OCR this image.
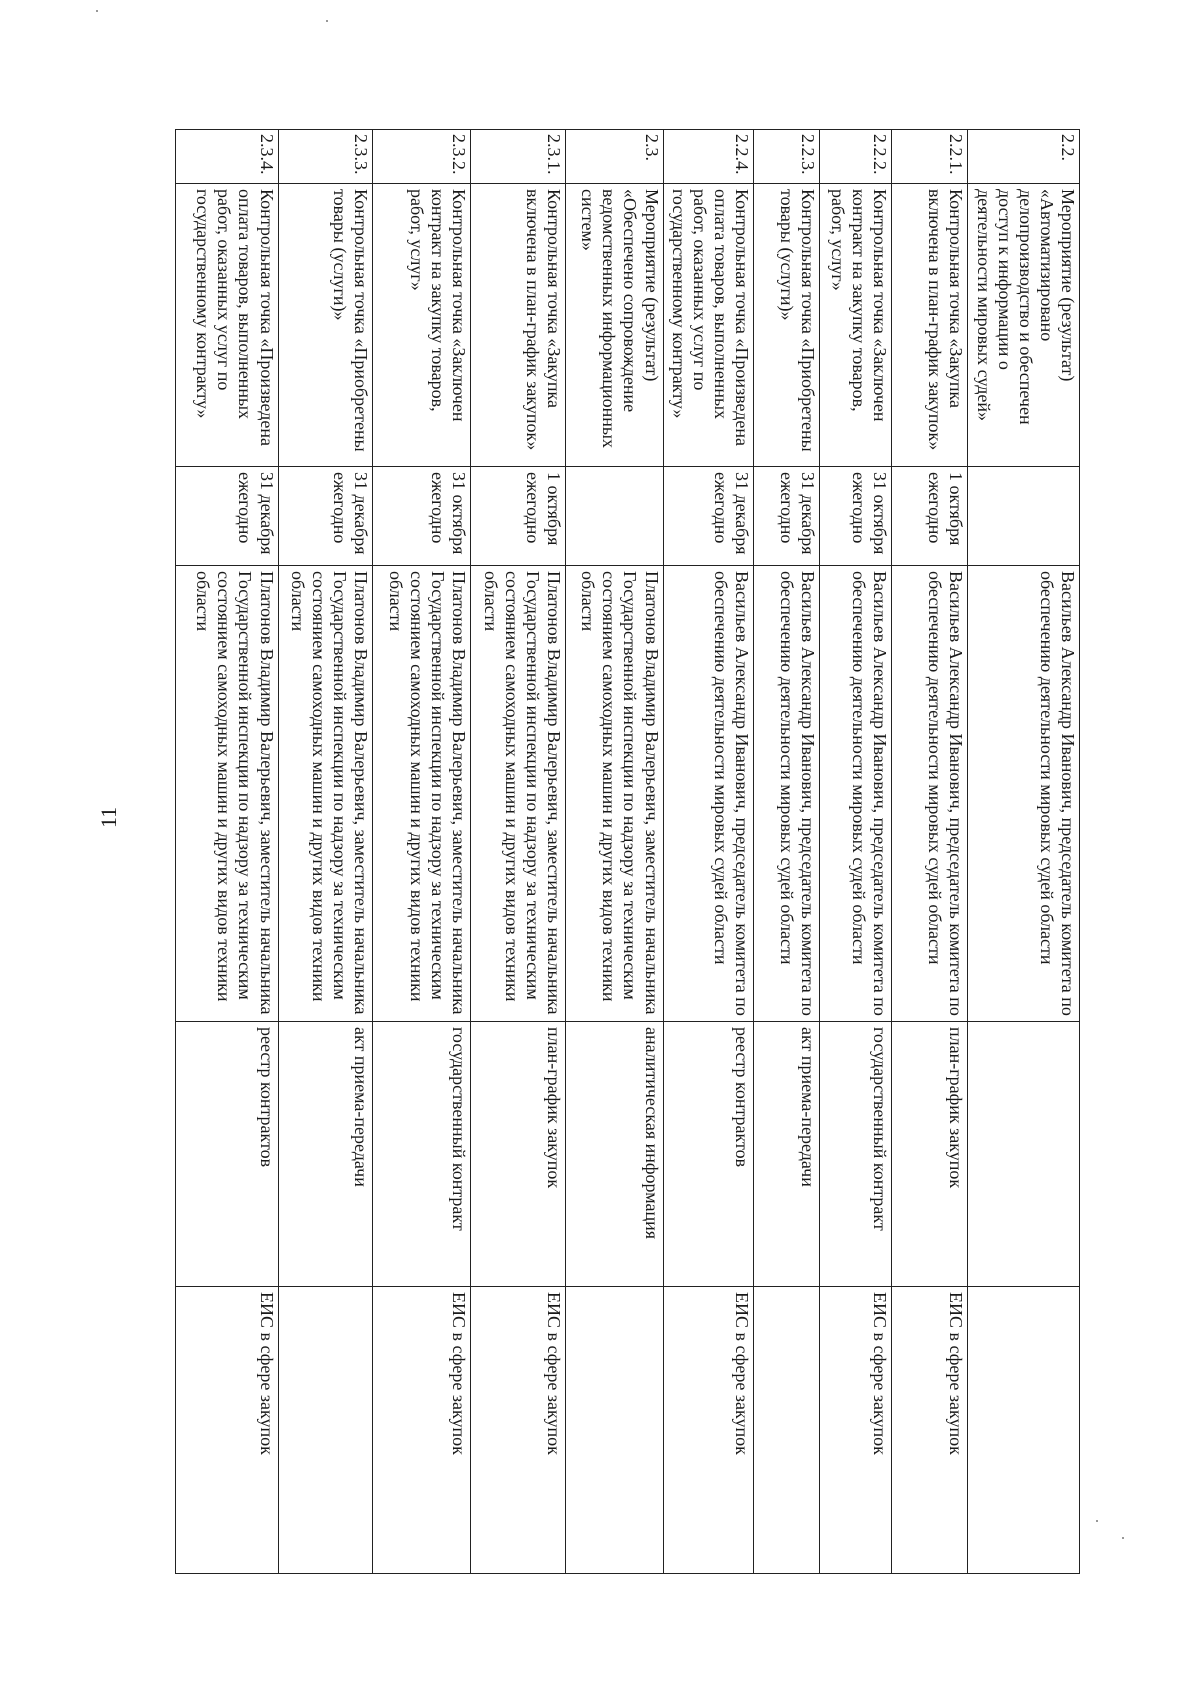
11
2.2.	Мероприятие (результат) «Автоматизировано делопроизводство и обеспечен доступ к информации о деятельности мировых судей»		Васильев Александр Иванович, председатель комитета по обеспечению деятельности мировых судей области		
2.2.1.	Контрольная точка «Закупка включена в план-график закупок»	1 октября ежегодно	Васильев Александр Иванович, председатель комитета по обеспечению деятельности мировых судей области	план-график закупок	ЕИС в сфере закупок
2.2.2.	Контрольная точка «Заключен контракт на закупку товаров, работ, услуг»	31 октября ежегодно	Васильев Александр Иванович, председатель комитета по обеспечению деятельности мировых судей области	государственный контракт	ЕИС в сфере закупок
2.2.3.	Контрольная точка «Приобретены товары (услуги)»	31 декабря ежегодно	Васильев Александр Иванович, председатель комитета по обеспечению деятельности мировых судей области	акт приема-передачи	
2.2.4.	Контрольная точка «Произведена оплата товаров, выполненных работ, оказанных услуг по государственному контракту»	31 декабря ежегодно	Васильев Александр Иванович, председатель комитета по обеспечению деятельности мировых судей области	реестр контрактов	ЕИС в сфере закупок
2.3.	Мероприятие (результат) «Обеспечено сопровождение ведомственных информационных систем»		Платонов Владимир Валерьевич, заместитель начальника Государственной инспекции по надзору за техническим состоянием самоходных машин и других видов техники области	аналитическая информация	
2.3.1.	Контрольная точка «Закупка включена в план-график закупок»	1 октября ежегодно	Платонов Владимир Валерьевич, заместитель начальника Государственной инспекции по надзору за техническим состоянием самоходных машин и других видов техники области	план-график закупок	ЕИС в сфере закупок
2.3.2.	Контрольная точка «Заключен контракт на закупку товаров, работ, услуг»	31 октября ежегодно	Платонов Владимир Валерьевич, заместитель начальника Государственной инспекции по надзору за техническим состоянием самоходных машин и других видов техники области	государственный контракт	ЕИС в сфере закупок
2.3.3.	Контрольная точка «Приобретены товары (услуги)»	31 декабря ежегодно	Платонов Владимир Валерьевич, заместитель начальника Государственной инспекции по надзору за техническим состоянием самоходных машин и других видов техники области	акт приема-передачи	
2.3.4.	Контрольная точка «Произведена оплата товаров, выполненных работ, оказанных услуг по государственному контракту»	31 декабря ежегодно	Платонов Владимир Валерьевич, заместитель начальника Государственной инспекции по надзору за техническим состоянием самоходных машин и других видов техники области	реестр контрактов	ЕИС в сфере закупок
